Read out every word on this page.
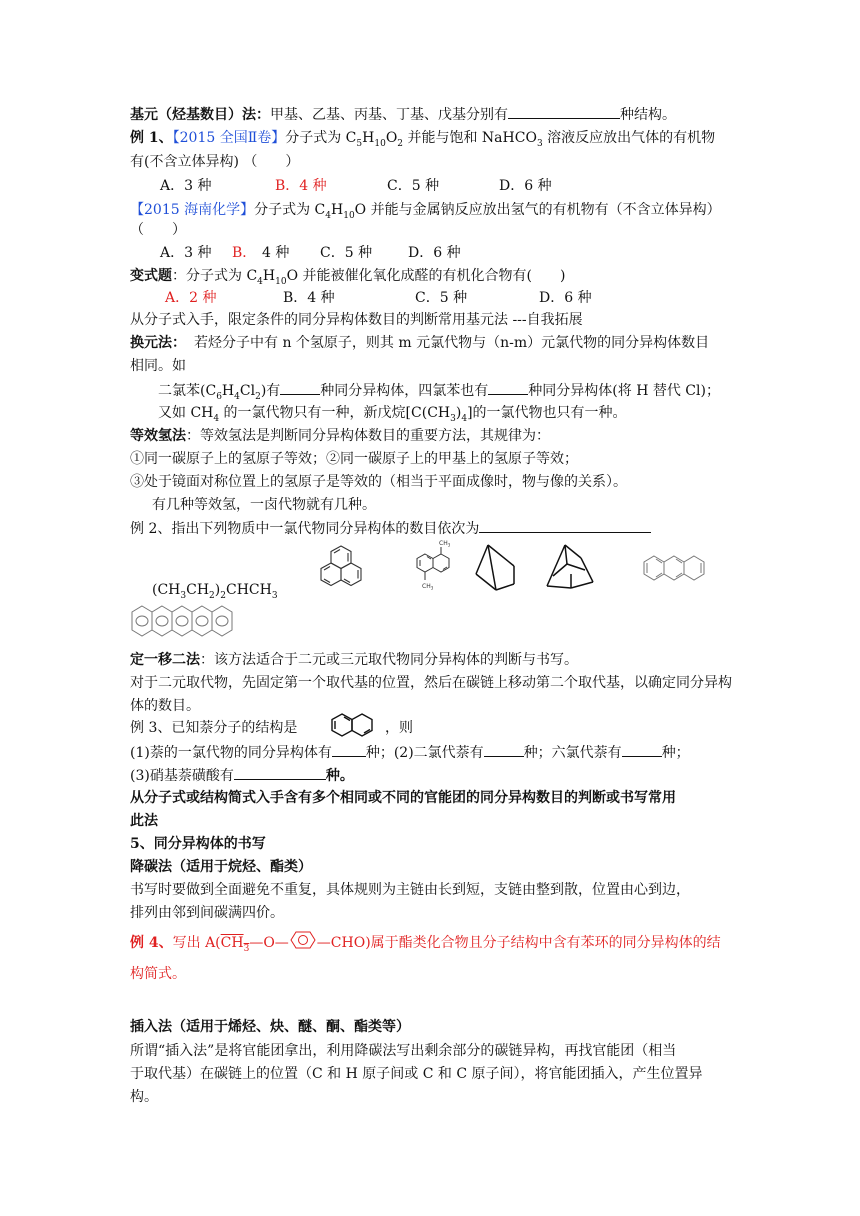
基元（烃基数目）法：甲基、乙基、丙基、丁基、戊基分别有	种结构。
例 1、【2015 全国Ⅱ卷】分子式为 $C_5H_{10}O_2$ 并能与饱和 NaHCO$_3$ 溶液反应放出气体的有机物
有(不含立体异构) （　　）
A．3 种	B．4 种	C．5 种	D．6 种
【2015 海南化学】分子式为 $C_4H_{10}O$ 并能与金属钠反应放出氢气的有机物有（不含立体异构）
（　　）
A．3 种 B． 4 种 C．5 种	D．6 种
变式题：分子式为 $C_4H_{10}O$ 并能被催化氧化成醛的有机化合物有(　　)
A．2 种	B．4 种	C．5 种	D．6 种
从分子式入手，限定条件的同分异构体数目的判断常用基元法 ---自我拓展
换元法： 若烃分子中有 n 个氢原子，则其 m 元氯代物与（n-m）元氯代物的同分异构体数目
相同。如
二氯苯$(C_6H_4Cl_2)$有	种同分异构体，四氯苯也有	种同分异构体(将 H 替代 Cl)；
又如 $CH_4$ 的一氯代物只有一种，新戊烷$[C(CH_3)_4]$的一氯代物也只有一种。
等效氢法：等效氢法是判断同分异构体数目的重要方法，其规律为：
①同一碳原子上的氢原子等效；②同一碳原子上的甲基上的氢原子等效；
③处于镜面对称位置上的氢原子是等效的（相当于平面成像时，物与像的关系）。
有几种等效氢，一卤代物就有几种。
例 2、指出下列物质中一氯代物同分异构体的数目依次为
$(CH_3CH_2)_2CHCH_3$
$CH_3$
$CH_3$
定一移二法：该方法适合于二元或三元取代物同分异构体的判断与书写。
对于二元取代物，先固定第一个取代基的位置，然后在碳链上移动第二个取代基，以确定同分异构
体的数目。
例 3、已知萘分子的结构是	，则
(1)萘的一氯代物的同分异构体有 种；(2)二氯代萘有	种；六氯代萘有	种；
(3)硝基萘磺酸有	种。
从分子式或结构简式入手含有多个相同或不同的官能团的同分异构数目的判断或书写常用
此法
5、同分异构体的书写
降碳法（适用于烷烃、酯类）
书写时要做到全面避免不重复，具体规则为主链由长到短，支链由整到散，位置由心到边，
排列由邻到间碳满四价。
例 4、写出 $A(CH_3—O—$ —CHO)属于酯类化合物且分子结构中含有苯环的同分异构体的结
构简式。
插入法（适用于烯烃、炔、醚、酮、酯类等）
所谓“插入法”是将官能团拿出，利用降碳法写出剩余部分的碳链异构，再找官能团（相当
于取代基）在碳链上的位置（C 和 H 原子间或 C 和 C 原子间），将官能团插入，产生位置异
构。
